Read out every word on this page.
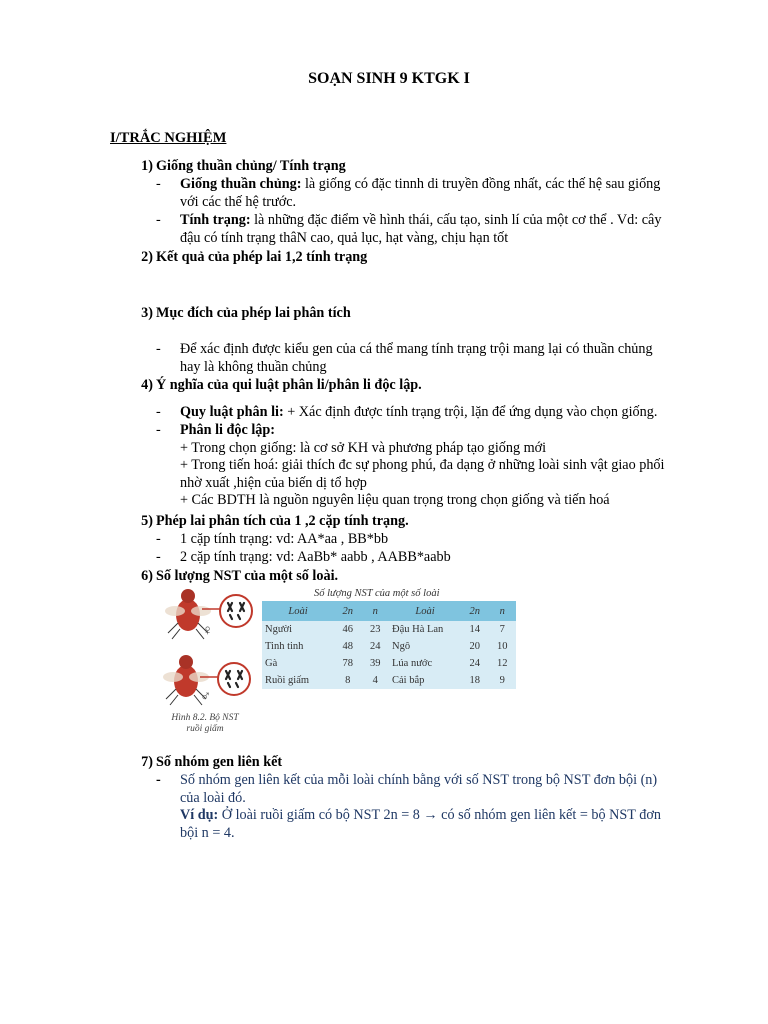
SOẠN SINH 9 KTGK I
I/TRẮC NGHIỆM
1) Giống thuần chủng/ Tính trạng
- Giống thuần chủng: là giống có đặc tinnh di truyền đồng nhất, các thế hệ sau giống
với các thế hệ trước.
- Tính trạng: là những đặc điểm về hình thái, cấu tạo, sinh lí của một cơ thể . Vd: cây
đậu có tính trạng thâN cao, quả lục, hạt vàng, chịu hạn tốt
2) Kết quả của phép lai 1,2 tính trạng
3) Mục đích của phép lai phân tích
- Để xác định được kiểu gen của cá thể mang tính trạng trội mang lại có thuần chủng
hay là không thuần chủng
4) Ý nghĩa của qui luật phân li/phân li độc lập.
- Quy luật phân li: + Xác định được tính trạng trội, lặn để ứng dụng vào chọn giống.
- Phân li độc lập:
+ Trong chọn giống: là cơ sở KH và phương pháp tạo giống mới
+ Trong tiến hoá: giải thích đc sự phong phú, đa dạng ở những loài sinh vật giao phối
nhờ xuất ,hiện của biến dị tổ hợp
+ Các BDTH là nguồn nguyên liệu quan trọng trong chọn giống và tiến hoá
5) Phép lai phân tích của 1 ,2 cặp tính trạng.
- 1 cặp tính trạng: vd: AA*aa , BB*bb
- 2 cặp tính trạng: vd: AaBb* aabb , AABB*aabb
6) Số lượng NST của một số loài.
♀
♂
Hình 8.2. Bộ NST
ruồi giấm
Số lượng NST của một số loài
Loài	2n	n	Loài	2n	n
Người	46	23	Đậu Hà Lan	14	7
Tinh tinh	48	24	Ngô	20	10
Gà	78	39	Lúa nước	24	12
Ruồi giấm	8	4	Cải bắp	18	9
7) Số nhóm gen liên kết
- Số nhóm gen liên kết của mỗi loài chính bằng với số NST trong bộ NST đơn bội (n)
của loài đó.
Ví dụ: Ở loài ruồi giấm có bộ NST 2n = 8 → có số nhóm gen liên kết = bộ NST đơn
bội n = 4.
